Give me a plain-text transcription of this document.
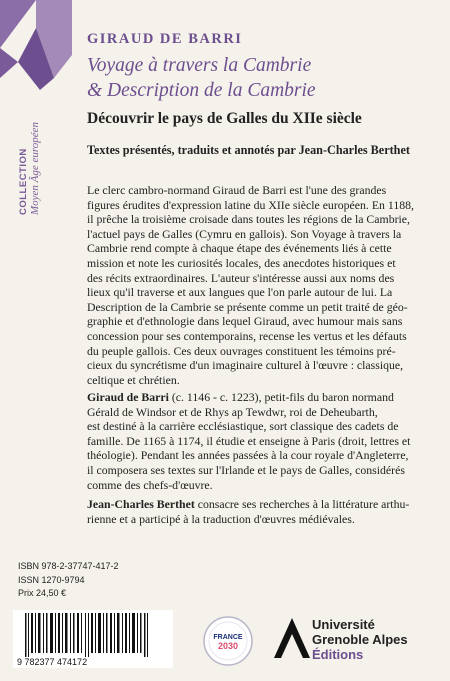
COLLECTION Moyen Âge européen
GIRAUD DE BARRI
Voyage à travers la Cambrie
& Description de la Cambrie
Découvrir le pays de Galles du XIIe siècle
Textes présentés, traduits et annotés par Jean-Charles Berthet

Le clerc cambro-normand Giraud de Barri est l'une des grandes

figures érudites d'expression latine du XIIe siècle européen. En 1188,

il prêche la troisième croisade dans toutes les régions de la Cambrie,

l'actuel pays de Galles (Cymru en gallois). Son Voyage à travers la

Cambrie rend compte à chaque étape des événements liés à cette

mission et note les curiosités locales, des anecdotes historiques et

des récits extraordinaires. L'auteur s'intéresse aussi aux noms des

lieux qu'il traverse et aux langues que l'on parle autour de lui. La

Description de la Cambrie se présente comme un petit traité de géo-

graphie et d'ethnologie dans lequel Giraud, avec humour mais sans

concession pour ses contemporains, recense les vertus et les défauts

du peuple gallois. Ces deux ouvrages constituent les témoins pré-

cieux du syncrétisme d'un imaginaire culturel à l'œuvre : classique,

celtique et chrétien.

Giraud de Barri (c. 1146 - c. 1223), petit-fils du baron normand

Gérald de Windsor et de Rhys ap Tewdwr, roi de Deheubarth,

est destiné à la carrière ecclésiastique, sort classique des cadets de

famille. De 1165 à 1174, il étudie et enseigne à Paris (droit, lettres et

théologie). Pendant les années passées à la cour royale d'Angleterre,

il composera ses textes sur l'Irlande et le pays de Galles, considérés

comme des chefs-d'œuvre.

Jean-Charles Berthet consacre ses recherches à la littérature arthu-

rienne et a participé à la traduction d'œuvres médiévales.

ISBN 978-2-37747-417-2
ISSN 1270-9794
Prix 24,50 €
9 782377 474172
FRANCE
2030
Université
Grenoble Alpes
Éditions
